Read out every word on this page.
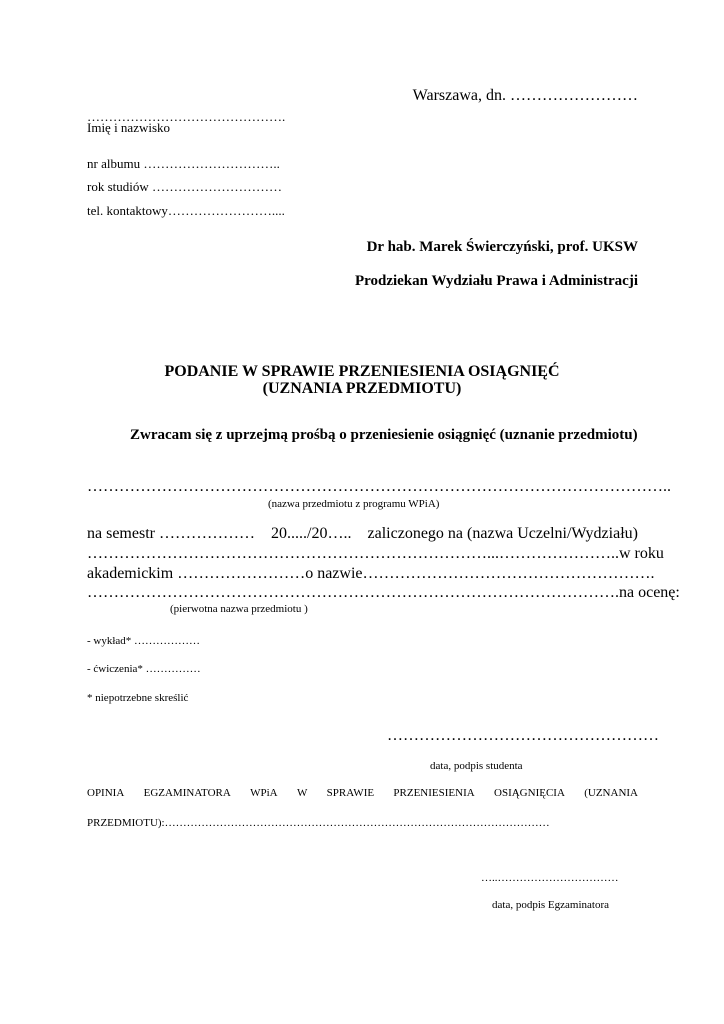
Warszawa, dn. ……………………
……………………………………….
Imię i nazwisko
nr albumu …………………………..
rok studiów …………………………
tel. kontaktowy……………………....
Dr hab. Marek Świerczyński, prof. UKSW
Prodziekan Wydziału Prawa i Administracji
PODANIE W SPRAWIE PRZENIESIENIA OSIĄGNIĘĆ
(UZNANIA PRZEDMIOTU)
Zwracam się z uprzejmą prośbą o przeniesienie osiągnięć (uznanie przedmiotu)
………………………………………………………………………………………………..
(nazwa przedmiotu z programu WPiA)
na semestr ……………… 20...../20….. zaliczonego na (nazwa Uczelni/Wydziału)
…………………………………………………………………...………………….. w roku
akademickim …………………… o nazwie ……………………………………………….
………………………………………………………………………………………. na ocenę:
(pierwotna nazwa przedmiotu )
- wykład* ………………
- ćwiczenia* ……………
* niepotrzebne skreślić
……………………………………………
data, podpis studenta
OPINIA EGZAMINATORA WPiA W SPRAWIE PRZENIESIENIA OSIĄGNIĘCIA (UZNANIA
PRZEDMIOTU):……………………………………………………………………………………………
…..……………………………
data, podpis Egzaminatora
